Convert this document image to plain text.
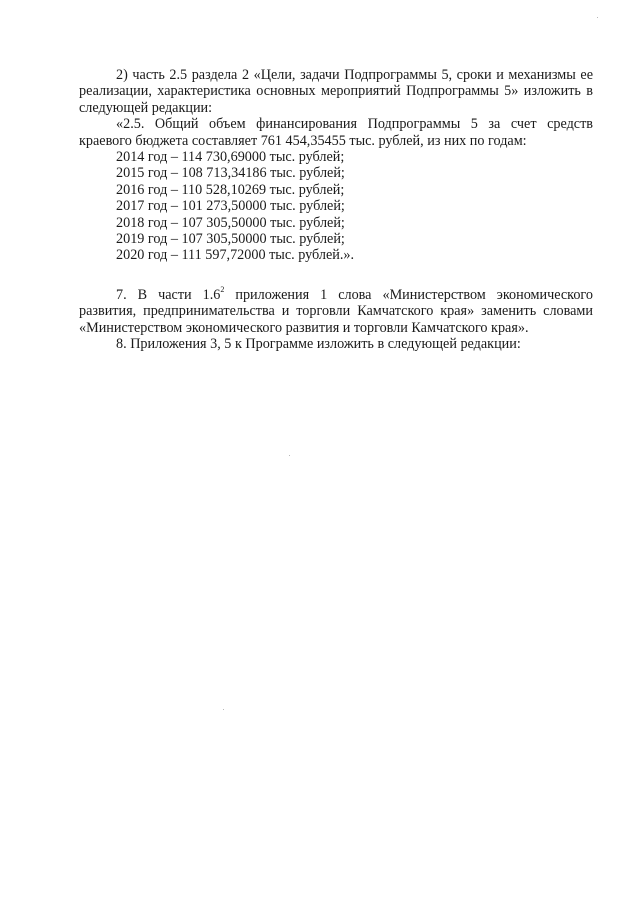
2) часть 2.5 раздела 2 «Цели, задачи Подпрограммы 5, сроки и механизмы ее реализации, характеристика основных мероприятий Подпрограммы 5» изложить в следующей редакции:

«2.5. Общий объем финансирования Подпрограммы 5 за счет средств краевого бюджета составляет 761 454,35455 тыс. рублей, из них по годам:

2014 год – 114 730,69000 тыс. рублей;
2015 год – 108 713,34186 тыс. рублей;
2016 год – 110 528,10269 тыс. рублей;
2017 год – 101 273,50000 тыс. рублей;
2018 год – 107 305,50000 тыс. рублей;
2019 год – 107 305,50000 тыс. рублей;
2020 год – 111 597,72000 тыс. рублей.».

7. В части $1.6^2$ приложения 1 слова «Министерством экономического развития, предпринимательства и торговли Камчатского края» заменить словами «Министерством экономического развития и торговли Камчатского края».

8. Приложения 3, 5 к Программе изложить в следующей редакции:
